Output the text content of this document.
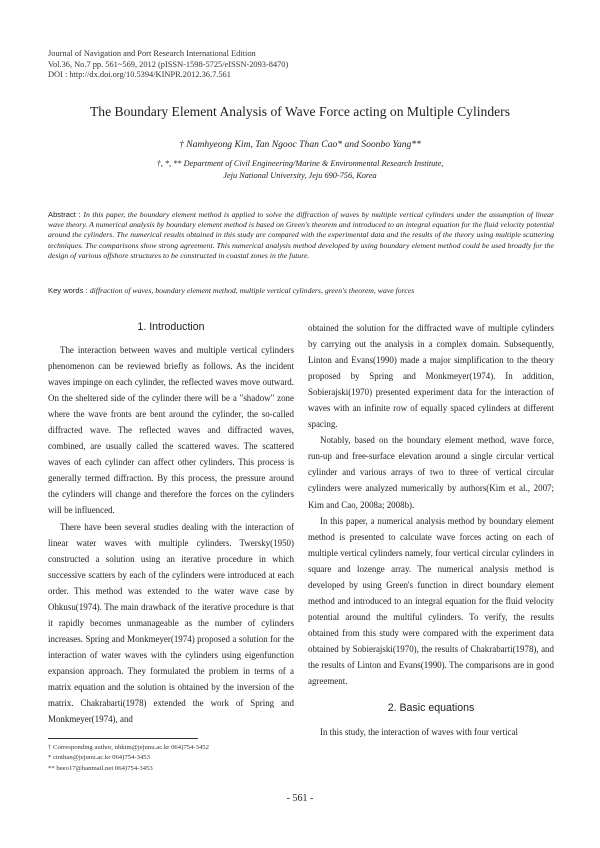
Journal of Navigation and Port Research International Edition
Vol.36, No.7 pp. 561~569, 2012 (pISSN-1598-5725/eISSN-2093-8470)
DOI : http://dx.doi.org/10.5394/KINPR.2012.36.7.561
The Boundary Element Analysis of Wave Force acting on Multiple Cylinders
† Namhyeong Kim, Tan Ngooc Than Cao* and Soonbo Yang**
†, *, ** Department of Civil Engineering/Marine & Environmental Research Institute,
Jeju National University, Jeju 690-756, Korea
Abstract : In this paper, the boundary element method is applied to solve the diffraction of waves by multiple vertical cylinders under the assumption of linear wave theory. A numerical analysis by boundary element method is based on Green's theorem and introduced to an integral equation for the fluid velocity potential around the cylinders. The numerical results obtained in this study are compared with the experimental data and the results of the theory using multiple scattering techniques. The comparisons show strong agreement. This numerical analysis method developed by using boundary element method could be used broadly for the design of various offshore structures to be constructed in coastal zones in the future.
Key words : diffraction of waves, boundary element method, multiple vertical cylinders, green's theorem, wave forces
1. Introduction

The interaction between waves and multiple vertical cylinders phenomenon can be reviewed briefly as follows. As the incident waves impinge on each cylinder, the reflected waves move outward. On the sheltered side of the cylinder there will be a "shadow" zone where the wave fronts are bent around the cylinder, the so-called diffracted wave. The reflected waves and diffracted waves, combined, are usually called the scattered waves. The scattered waves of each cylinder can affect other cylinders. This process is generally termed diffraction. By this process, the pressure around the cylinders will change and therefore the forces on the cylinders will be influenced.

There have been several studies dealing with the interaction of linear water waves with multiple cylinders. Twersky(1950) constructed a solution using an iterative procedure in which successive scatters by each of the cylinders were introduced at each order. This method was extended to the water wave case by Ohkusu(1974). The main drawback of the iterative procedure is that it rapidly becomes unmanageable as the number of cylinders increases. Spring and Monkmeyer(1974) proposed a solution for the interaction of water waves with the cylinders using eigenfunction expansion approach. They formulated the problem in terms of a matrix equation and the solution is obtained by the inversion of the matrix. Chakrabarti(1978) extended the work of Spring and Monkmeyer(1974), and

obtained the solution for the diffracted wave of multiple cylinders by carrying out the analysis in a complex domain. Subsequently, Linton and Evans(1990) made a major simplification to the theory proposed by Spring and Monkmeyer(1974). In addition, Sobierajski(1970) presented experiment data for the interaction of waves with an infinite row of equally spaced cylinders at different spacing.

Notably, based on the boundary element method, wave force, run-up and free-surface elevation around a single circular vertical cylinder and various arrays of two to three of vertical circular cylinders were analyzed numerically by authors(Kim et al., 2007; Kim and Cao, 2008a; 2008b).

In this paper, a numerical analysis method by boundary element method is presented to calculate wave forces acting on each of multiple vertical cylinders namely, four vertical circular cylinders in square and lozenge array. The numerical analysis method is developed by using Green's function in direct boundary element method and introduced to an integral equation for the fluid velocity potential around the multiful cylinders. To verify, the results obtained from this study were compared with the experiment data obtained by Sobierajski(1970), the results of Chakrabarti(1978), and the results of Linton and Evans(1990). The comparisons are in good agreement.

2. Basic equations

In this study, the interaction of waves with four vertical

† Corresponding author, nhkim@jejunu.ac.kr 064)754-3452
* ctnthan@jejunu.ac.kr 064)754-3453
** beeo17@hanmail.net 064)754-3453
- 561 -
